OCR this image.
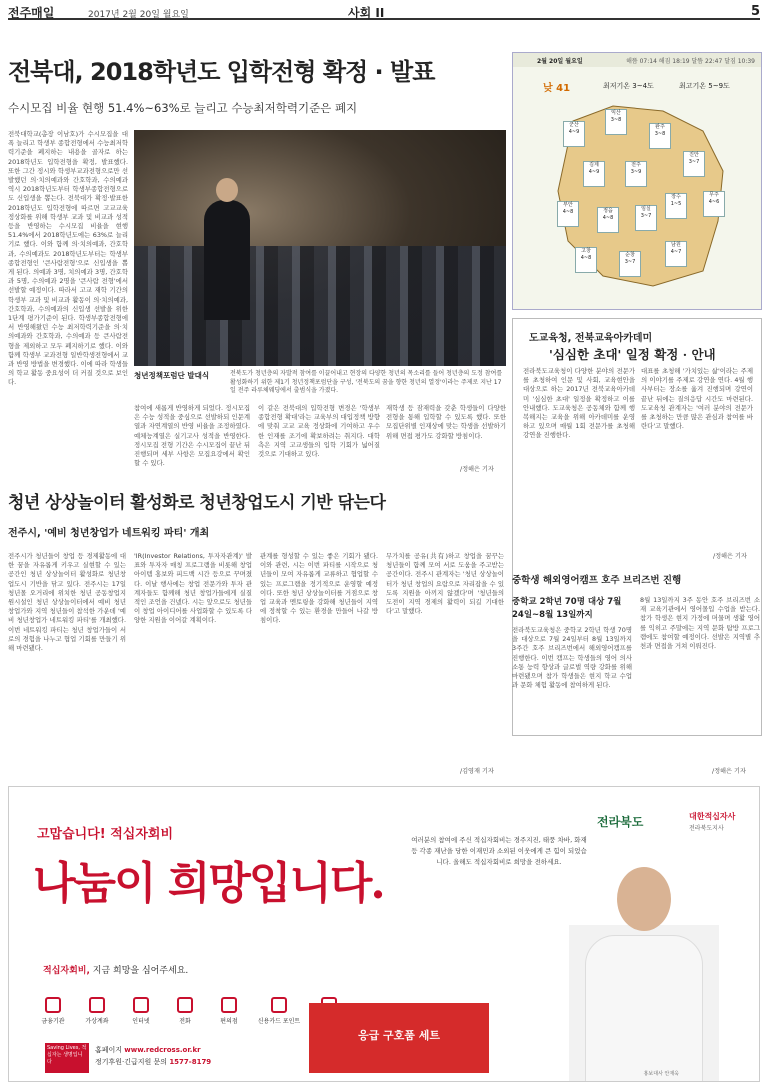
전주매일	2017년 2월 20일 월요일	사회 II	5
전북대, 2018학년도 입학전형 확정 · 발표
수시모집 비율 현행 51.4%~63%로 늘리고 수능최저학력기준은 폐지
전북대학교(총장 이남호)가 수시모집을 대폭 늘리고 학생부 종합전형에서 수능최저학력기준을 폐지하는 내용을 골자로 하는 2018학년도 입학전형을 확정, 발표했다. 또한 그간 정시와 학생부교과전형으로만 선발했던 의·치의예과와 간호학과, 수의예과 역시 2018학년도부터 학생부종합전형으로도 신입생을 뽑는다. 전북대가 확정·발표한 2018학년도 입학전형에 따르면 고교교육 정상화를 위해 학생부 교과 및 비교과 성적 등을 반영하는 수시모집 비율을 현행 51.4%에서 2018학년도에는 63%로 늘리기로 했다. 이와 함께 의·치의예과, 간호학과, 수의예과도 2018학년도부터는 학생부종합전형인 '큰사람전형'으로 신입생을 뽑게 된다. 의예과 3명, 치의예과 3명, 간호학과 5명, 수의예과 2명을 '큰사람 전형'에서 선발할 예정이다. 따라서 고교 재학 기간의 학생부 교과 및 비교과 활동이 의·치의예과, 간호학과, 수의예과의 신입생 선발을 위한 1단계 평가기준이 된다. 학생부종합전형에서 반영해왔던 수능 최저학력기준을 의·치의예과와 간호학과, 수의예과 등 큰사람전형을 제외하고 모두 폐지하기로 했다. 이와 함께 학생부 교과전형 일반학생전형에서 교과 반영 방법을 변경했다. 이에 따라 학생들의 학교 활동 중요성이 더 커질 것으로 보인다.
청년정책포럼단 발대식	전북도가 청년층의 자발적 참여를 이끌어내고 현장의 다양한 청년의 목소리를 들어 청년층의 도정 참여를 활성화하기 위한 제1기 청년정책포럼단을 구성, '전북도의 꿈을 향한 청년의 열정'이라는 주제로 지난 17일 전주 라루체웨딩에서 출범식을 가졌다.
참여에 새롭게 반영하게 되었다. 정시모집은 수능 성적을 중심으로 선발하되 인문계열과 자연계열의 반영 비율을 조정하였다. 예체능계열은 실기고사 성적을 반영한다. 정시모집 전형 기간은 수시모집이 끝난 뒤 진행되며 세부 사항은 모집요강에서 확인할 수 있다.
이 같은 전북대의 입학전형 변경은 '학생부 종합전형 확대'라는 교육부의 대입정책 방향에 맞춰 고교 교육 정상화에 기여하고 우수한 인재를 조기에 확보하려는 취지다. 대학 측은 지역 고교생들의 입학 기회가 넓어질 것으로 기대하고 있다.
재학생 등 잠재력을 갖춘 학생들이 다양한 전형을 통해 입학할 수 있도록 했다. 또한 모집단위별 인재상에 맞는 학생을 선발하기 위해 면접 평가도 강화할 방침이다.
/정해은 기자
2월 20일 월요일	해뜸 07:14 해짐 18:19 달뜸 22:47 달짐 10:39
낮 41	최저기온 3~4도	최고기온 5~9도
군산
4~9
익산
3~8
완주
3~8
진안
3~7
무주
4~6
김제
4~9
전주
3~9
장수
1~5
부안
4~8	정읍
4~8
임실
3~7
남원
4~7
고창
4~8	순창
3~7
도교육청, 전북교육아카데미
'심심한 초대' 일정 확정 · 안내
전라북도교육청이 다양한 분야의 전문가를 초청하여 인문 및 사회, 교육현안을 대상으로 하는 2017년 전북교육아카데미 '심심한 초대' 일정을 확정하고 이를 안내했다. 도교육청은 공동체와 함께 행복해지는 교육을 위해 아카데미를 운영하고 있으며 매월 1회 전문가를 초청해 강연을 진행한다.
대표를 초청해 '가치있는 삶'이라는 주제의 이야기를 주제로 강연을 연다. 4월 행사부터는 장소를 옮겨 진행되며 강연이 끝난 뒤에는 질의응답 시간도 마련된다. 도교육청 관계자는 '여러 분야의 전문가를 초청하는 만큼 많은 관심과 참여를 바란다'고 말했다.
/정해은 기자
청년 상상놀이터 활성화로 청년창업도시 기반 닦는다
전주시, '예비 청년창업가 네트워킹 파티' 개최
전주시가 청년들이 창업 등 경제활동에 대한 꿈을 자유롭게 키우고 실현할 수 있는 공간인 청년 상상놀이터 활성화로 청년창업도시 기반을 닦고 있다. 전주시는 17일 청년몰 오거리에 위치한 청년 공동창업지원시설인 청년 상상놀이터에서 예비 청년창업가와 지역 청년들이 참석한 가운데 '예비 청년창업가 네트워킹 파티'를 개최했다. 이번 네트워킹 파티는 청년 창업가들이 서로의 경험을 나누고 협업 기회를 만들기 위해 마련됐다.
'IR(Investor Relations, 투자자관계)' 발표와 투자자 매칭 프로그램을 비롯해 창업 아이템 홍보와 피드백 시간 등으로 꾸며졌다. 이날 행사에는 창업 전문가와 투자 관계자들도 함께해 청년 창업가들에게 실질적인 조언을 건넸다. 시는 앞으로도 청년들이 창업 아이디어를 사업화할 수 있도록 다양한 지원을 이어갈 계획이다.
관계를 형성할 수 있는 좋은 기회가 됐다. 이와 관련, 시는 이번 파티를 시작으로 청년들이 모여 자유롭게 교류하고 협업할 수 있는 프로그램을 정기적으로 운영할 예정이다. 또한 청년 상상놀이터를 거점으로 창업 교육과 멘토링을 강화해 청년들이 지역에 정착할 수 있는 환경을 만들어 나갈 방침이다.
무가치를 공유(共有)하고 창업을 꿈꾸는 청년들이 함께 모여 서로 도움을 주고받는 공간이다. 전주시 관계자는 '청년 상상놀이터가 청년 창업의 요람으로 자리잡을 수 있도록 지원을 아끼지 않겠다'며 '청년들의 도전이 지역 경제의 활력이 되길 기대한다'고 말했다.
/김영재 기자
중학생 해외영어캠프 호주 브리즈번 진행
중학교 2학년 70명 대상 7월 24일~8월 13일까지
전라북도교육청은 중학교 2학년 학생 70명을 대상으로 7월 24일부터 8월 13일까지 3주간 호주 브리즈번에서 해외영어캠프를 진행한다. 이번 캠프는 학생들의 영어 의사소통 능력 향상과 글로벌 역량 강화를 위해 마련됐으며 참가 학생들은 현지 학교 수업과 문화 체험 활동에 참여하게 된다.
8월 13일까지 3주 동안 호주 브리즈번 소재 교육기관에서 영어몰입 수업을 받는다. 참가 학생은 현지 가정에 머물며 생활 영어를 익히고 주말에는 지역 문화 탐방 프로그램에도 참여할 예정이다. 선발은 지역별 추천과 면접을 거쳐 이뤄진다.
/정해은 기자
고맙습니다! 적십자회비
나눔이 희망입니다.
적십자회비, 지금 희망을 심어주세요.
금융기관	가상계좌	인터넷	전화	편의점	신용카드 포인트
Saving Lives, 적십자는 생명입니다
홈페이지 www.redcross.or.kr
정기후원·긴급지원 문의 1577-8179
여러분의 참여에 주신 적십자회비는 경주지진, 태풍 차바, 화재 등 각종 재난을 당한 이재민과 소외된 이웃에게 큰 힘이 되었습니다. 올해도 적십자회비로 희망을 전하세요.
전라북도	대한적십자사
전라북도지사
응급 구호품 세트
홍보대사 안재욱
